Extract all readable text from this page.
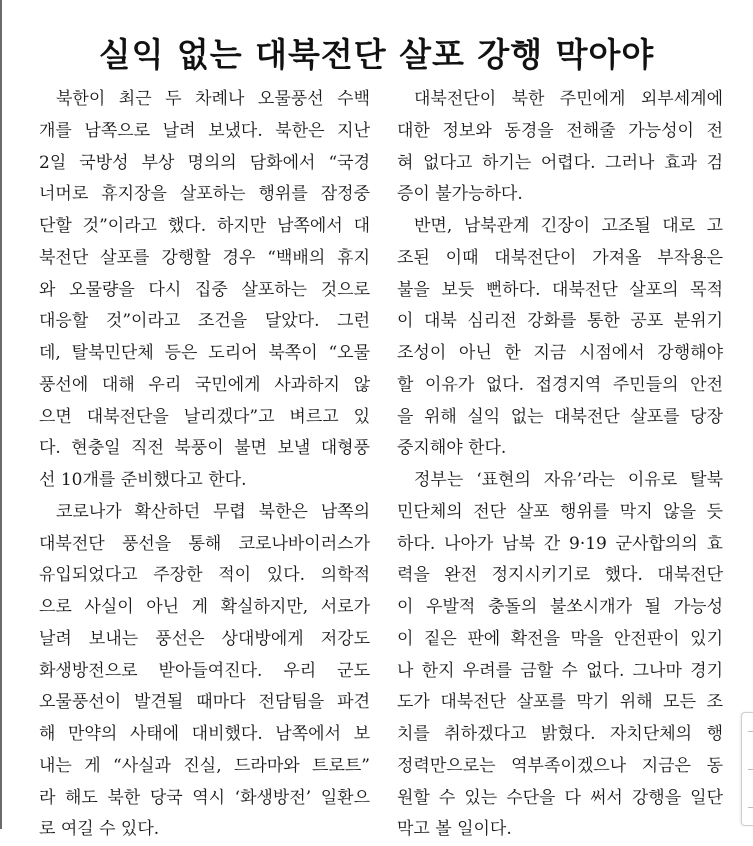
실익 없는 대북전단 살포 강행 막아야
북한이 최근 두 차례나 오물풍선 수백
개를 남쪽으로 날려 보냈다. 북한은 지난
2일 국방성 부상 명의의 담화에서 “국경
너머로 휴지장을 살포하는 행위를 잠정중
단할 것”이라고 했다. 하지만 남쪽에서 대
북전단 살포를 강행할 경우 “백배의 휴지
와 오물량을 다시 집중 살포하는 것으로
대응할 것”이라고 조건을 달았다. 그런
데, 탈북민단체 등은 도리어 북쪽이 “오물
풍선에 대해 우리 국민에게 사과하지 않
으면 대북전단을 날리겠다”고 벼르고 있
다. 현충일 직전 북풍이 불면 보낼 대형풍
선 10개를 준비했다고 한다.
코로나가 확산하던 무렵 북한은 남쪽의
대북전단 풍선을 통해 코로나바이러스가
유입되었다고 주장한 적이 있다. 의학적
으로 사실이 아닌 게 확실하지만, 서로가
날려 보내는 풍선은 상대방에게 저강도
화생방전으로 받아들여진다. 우리 군도
오물풍선이 발견될 때마다 전담팀을 파견
해 만약의 사태에 대비했다. 남쪽에서 보
내는 게 “사실과 진실, 드라마와 트로트”
라 해도 북한 당국 역시 ‘화생방전’ 일환으
로 여길 수 있다.
대북전단이 북한 주민에게 외부세계에
대한 정보와 동경을 전해줄 가능성이 전
혀 없다고 하기는 어렵다. 그러나 효과 검
증이 불가능하다.
반면, 남북관계 긴장이 고조될 대로 고
조된 이때 대북전단이 가져올 부작용은
불을 보듯 뻔하다. 대북전단 살포의 목적
이 대북 심리전 강화를 통한 공포 분위기
조성이 아닌 한 지금 시점에서 강행해야
할 이유가 없다. 접경지역 주민들의 안전
을 위해 실익 없는 대북전단 살포를 당장
중지해야 한다.
정부는 ‘표현의 자유’라는 이유로 탈북
민단체의 전단 살포 행위를 막지 않을 듯
하다. 나아가 남북 간 9·19 군사합의의 효
력을 완전 정지시키기로 했다. 대북전단
이 우발적 충돌의 불쏘시개가 될 가능성
이 짙은 판에 확전을 막을 안전판이 있기
나 한지 우려를 금할 수 없다. 그나마 경기
도가 대북전단 살포를 막기 위해 모든 조
치를 취하겠다고 밝혔다. 자치단체의 행
정력만으로는 역부족이겠으나 지금은 동
원할 수 있는 수단을 다 써서 강행을 일단
막고 볼 일이다.
